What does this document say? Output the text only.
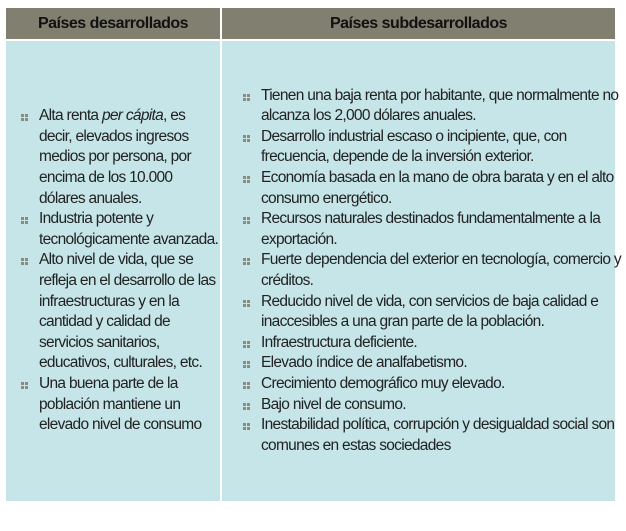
Países desarrollados	Países subdesarrollados
Alta renta per cápita, es
decir, elevados ingresos
medios por persona, por
encima de los 10.000
dólares anuales.
Industria potente y
tecnológicamente avanzada.
Alto nivel de vida, que se
refleja en el desarrollo de las
infraestructuras y en la
cantidad y calidad de
servicios sanitarios,
educativos, culturales, etc.
Una buena parte de la
población mantiene un
elevado nivel de consumo
Tienen una baja renta por habitante, que normalmente no
alcanza los 2,000 dólares anuales.
Desarrollo industrial escaso o incipiente, que, con
frecuencia, depende de la inversión exterior.
Economía basada en la mano de obra barata y en el alto
consumo energético.
Recursos naturales destinados fundamentalmente a la
exportación.
Fuerte dependencia del exterior en tecnología, comercio y
créditos.
Reducido nivel de vida, con servicios de baja calidad e
inaccesibles a una gran parte de la población.
Infraestructura deficiente.
Elevado índice de analfabetismo.
Crecimiento demográfico muy elevado.
Bajo nivel de consumo.
Inestabilidad política, corrupción y desigualdad social son
comunes en estas sociedades
